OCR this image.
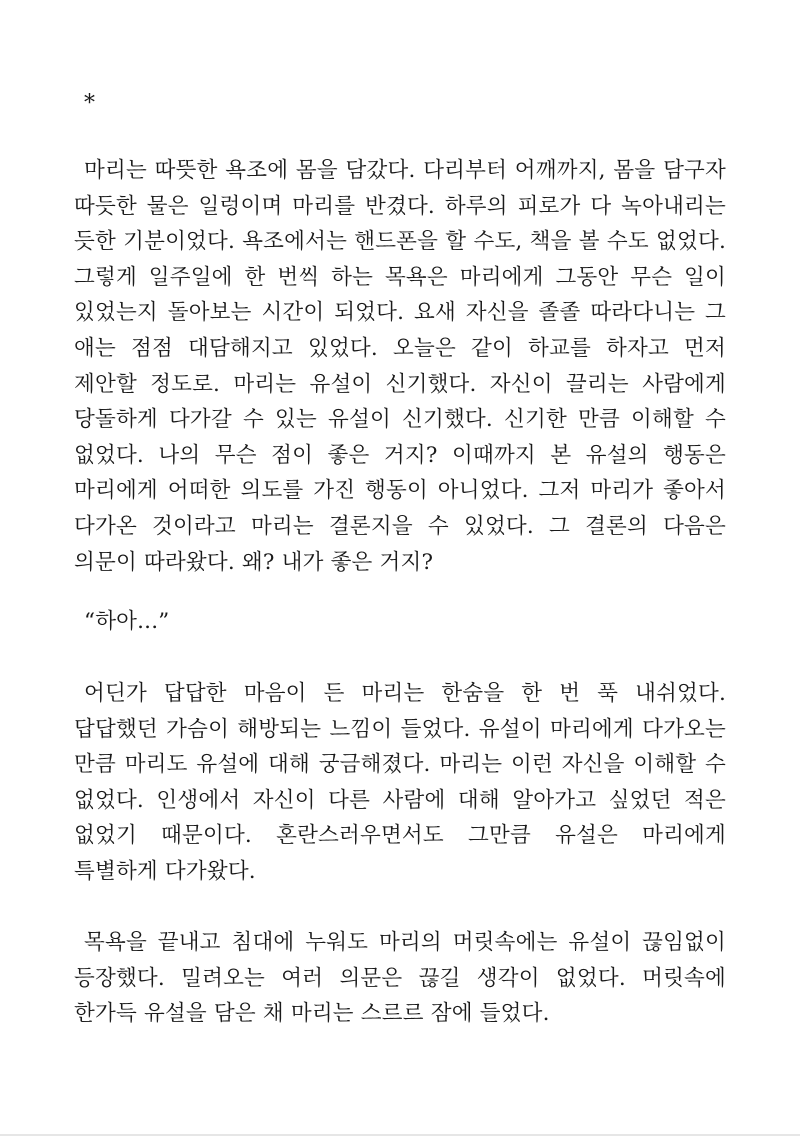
*

마리는 따뜻한 욕조에 몸을 담갔다. 다리부터 어깨까지, 몸을 담구자 따듯한 물은 일렁이며 마리를 반겼다. 하루의 피로가 다 녹아내리는 듯한 기분이었다. 욕조에서는 핸드폰을 할 수도, 책을 볼 수도 없었다. 그렇게 일주일에 한 번씩 하는 목욕은 마리에게 그동안 무슨 일이 있었는지 돌아보는 시간이 되었다. 요새 자신을 졸졸 따라다니는 그 애는 점점 대담해지고 있었다. 오늘은 같이 하교를 하자고 먼저 제안할 정도로. 마리는 유설이 신기했다. 자신이 끌리는 사람에게 당돌하게 다가갈 수 있는 유설이 신기했다. 신기한 만큼 이해할 수 없었다. 나의 무슨 점이 좋은 거지? 이때까지 본 유설의 행동은 마리에게 어떠한 의도를 가진 행동이 아니었다. 그저 마리가 좋아서 다가온 것이라고 마리는 결론지을 수 있었다. 그 결론의 다음은 의문이 따라왔다. 왜? 내가 좋은 거지?

“하아...”

어딘가 답답한 마음이 든 마리는 한숨을 한 번 푹 내쉬었다. 답답했던 가슴이 해방되는 느낌이 들었다. 유설이 마리에게 다가오는 만큼 마리도 유설에 대해 궁금해졌다. 마리는 이런 자신을 이해할 수 없었다. 인생에서 자신이 다른 사람에 대해 알아가고 싶었던 적은 없었기 때문이다. 혼란스러우면서도 그만큼 유설은 마리에게 특별하게 다가왔다.

목욕을 끝내고 침대에 누워도 마리의 머릿속에는 유설이 끊임없이 등장했다. 밀려오는 여러 의문은 끊길 생각이 없었다. 머릿속에 한가득 유설을 담은 채 마리는 스르르 잠에 들었다.
